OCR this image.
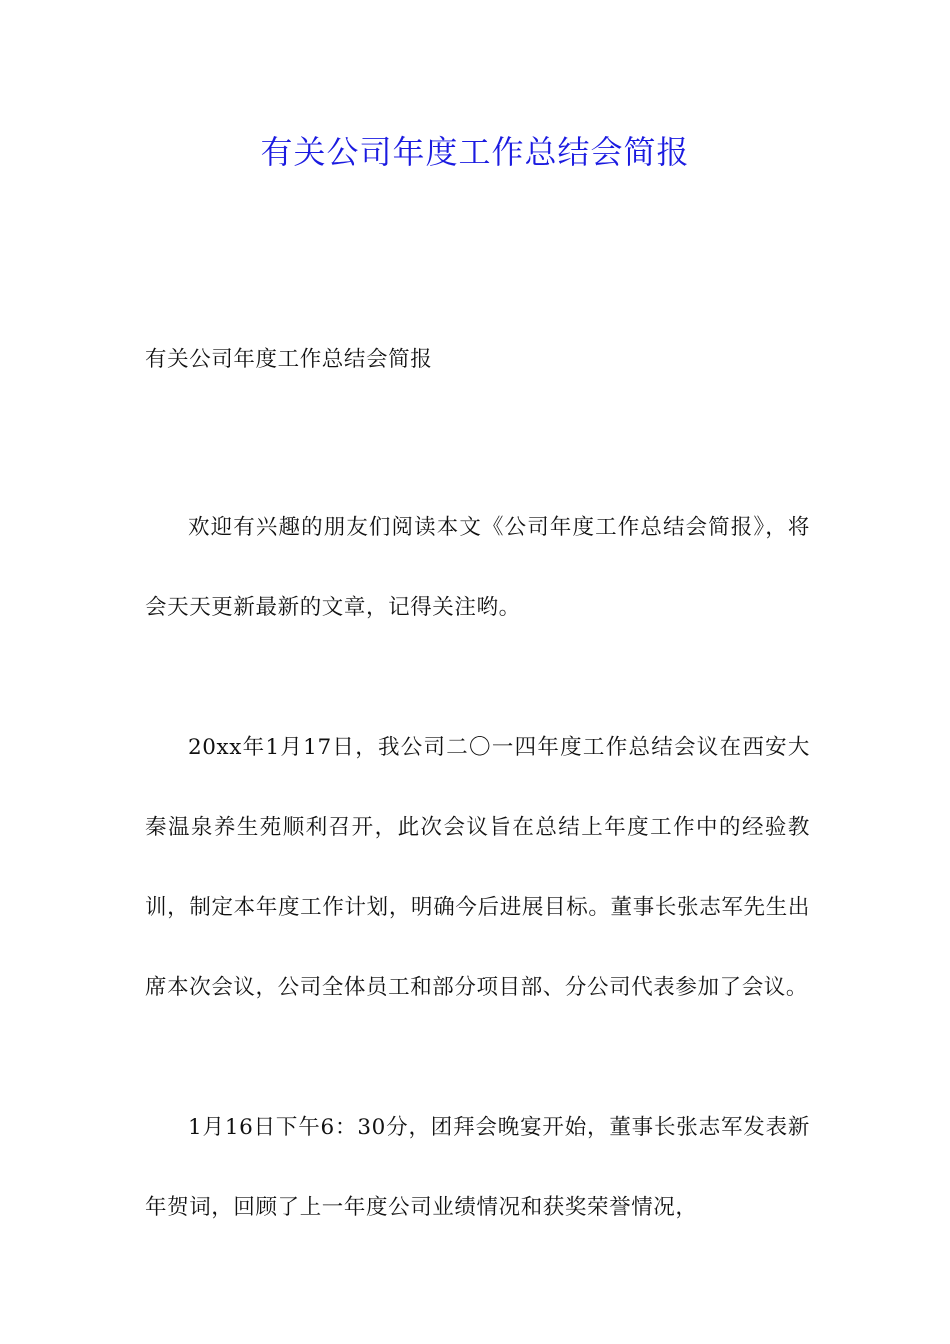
有关公司年度工作总结会简报

有关公司年度工作总结会简报

欢迎有兴趣的朋友们阅读本文《公司年度工作总结会简报》，将会天天更新最新的文章，记得关注哟。

20xx年1月17日，我公司二〇一四年度工作总结会议在西安大秦温泉养生苑顺利召开，此次会议旨在总结上年度工作中的经验教训，制定本年度工作计划，明确今后进展目标。董事长张志军先生出席本次会议，公司全体员工和部分项目部、分公司代表参加了会议。

1月16日下午6：30分，团拜会晚宴开始，董事长张志军发表新年贺词，回顾了上一年度公司业绩情况和获奖荣誉情况，
